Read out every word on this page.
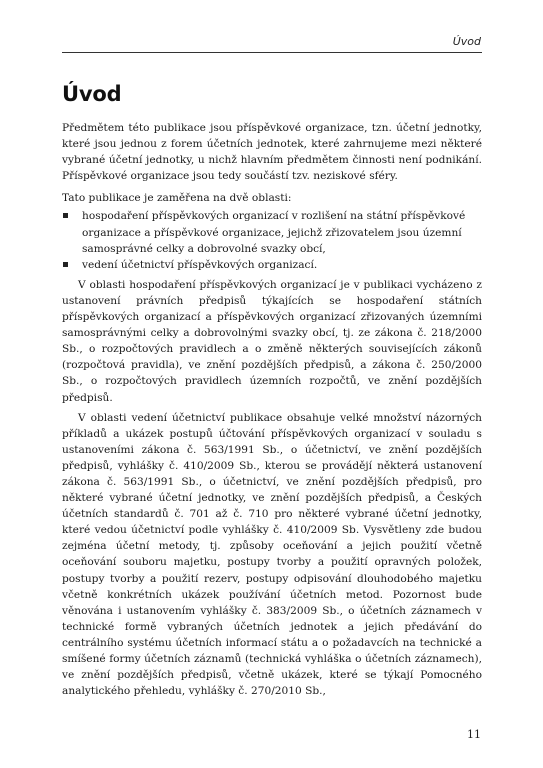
Úvod
Úvod

Předmětem této publikace jsou příspěvkové organizace, tzn. účetní jednotky, které jsou jednou z forem účetních jednotek, které zahrnujeme mezi některé vybrané účetní jednotky, u nichž hlavním předmětem činnosti není podnikání. Příspěvkové organizace jsou tedy součástí tzv. neziskové sféry.

Tato publikace je zaměřena na dvě oblasti:

hospodaření příspěvkových organizací v rozlišení na státní příspěvkové organizace a příspěvkové organizace, jejichž zřizovatelem jsou územní samosprávné celky a dobrovolné svazky obcí,
vedení účetnictví příspěvkových organizací.

V oblasti hospodaření příspěvkových organizací je v publikaci vycházeno z ustanovení právních předpisů týkajících se hospodaření státních příspěvkových organizací a příspěvkových organizací zřizovaných územními samosprávnými celky a dobrovolnými svazky obcí, tj. ze zákona č. 218/2000 Sb., o rozpočtových pravidlech a o změně některých souvisejících zákonů (rozpočtová pravidla), ve znění pozdějších předpisů, a zákona č. 250/2000 Sb., o rozpočtových pravidlech územních rozpočtů, ve znění pozdějších předpisů.

V oblasti vedení účetnictví publikace obsahuje velké množství názorných příkladů a ukázek postupů účtování příspěvkových organizací v souladu s ustanoveními zákona č. 563/1991 Sb., o účetnictví, ve znění pozdějších předpisů, vyhlášky č. 410/2009 Sb., kterou se provádějí některá ustanovení zákona č. 563/1991 Sb., o účetnictví, ve znění pozdějších předpisů, pro některé vybrané účetní jednotky, ve znění pozdějších předpisů, a Českých účetních standardů č. 701 až č. 710 pro některé vybrané účetní jednotky, které vedou účetnictví podle vyhlášky č. 410/2009 Sb. Vysvětleny zde budou zejména účetní metody, tj. způsoby oceňování a jejich použití včetně oceňování souboru majetku, postupy tvorby a použití opravných položek, postupy tvorby a použití rezerv, postupy odpisování dlouhodobého majetku včetně konkrétních ukázek používání účetních metod. Pozornost bude věnována i ustanovením vyhlášky č. 383/2009 Sb., o účetních záznamech v technické formě vybraných účetních jednotek a jejich předávání do centrálního systému účetních informací státu a o požadavcích na technické a smíšené formy účetních záznamů (technická vyhláška o účetních záznamech), ve znění pozdějších předpisů, včetně ukázek, které se týkají Pomocného analytického přehledu, vyhlášky č. 270/2010 Sb.,

11
